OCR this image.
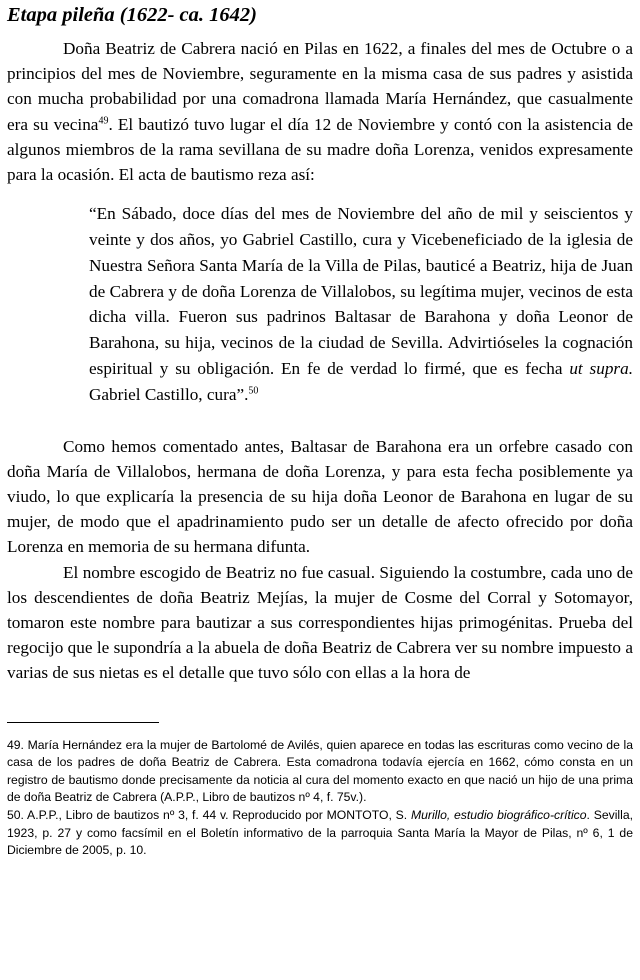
Etapa pileña (1622- ca. 1642)

Doña Beatriz de Cabrera nació en Pilas en 1622, a finales del mes de Octubre o a principios del mes de Noviembre, seguramente en la misma casa de sus padres y asistida con mucha probabilidad por una comadrona llamada María Hernández, que casualmente era su vecina$^{49}$. El bautizó tuvo lugar el día 12 de Noviembre y contó con la asistencia de algunos miembros de la rama sevillana de su madre doña Lorenza, venidos expresamente para la ocasión. El acta de bautismo reza así:

“En Sábado, doce días del mes de Noviembre del año de mil y seiscientos y veinte y dos años, yo Gabriel Castillo, cura y Vicebeneficiado de la iglesia de Nuestra Señora Santa María de la Villa de Pilas, bauticé a Beatriz, hija de Juan de Cabrera y de doña Lorenza de Villalobos, su legítima mujer, vecinos de esta dicha villa. Fueron sus padrinos Baltasar de Barahona y doña Leonor de Barahona, su hija, vecinos de la ciudad de Sevilla. Advirtióseles la cognación espiritual y su obligación. En fe de verdad lo firmé, que es fecha ut supra. Gabriel Castillo, cura”.$^{50}$

Como hemos comentado antes, Baltasar de Barahona era un orfebre casado con doña María de Villalobos, hermana de doña Lorenza, y para esta fecha posiblemente ya viudo, lo que explicaría la presencia de su hija doña Leonor de Barahona en lugar de su mujer, de modo que el apadrinamiento pudo ser un detalle de afecto ofrecido por doña Lorenza en memoria de su hermana difunta.

El nombre escogido de Beatriz no fue casual. Siguiendo la costumbre, cada uno de los descendientes de doña Beatriz Mejías, la mujer de Cosme del Corral y Sotomayor, tomaron este nombre para bautizar a sus correspondientes hijas primogénitas. Prueba del regocijo que le supondría a la abuela de doña Beatriz de Cabrera ver su nombre impuesto a varias de sus nietas es el detalle que tuvo sólo con ellas a la hora de

49. María Hernández era la mujer de Bartolomé de Avilés, quien aparece en todas las escrituras como vecino de la casa de los padres de doña Beatriz de Cabrera. Esta comadrona todavía ejercía en 1662, cómo consta en un registro de bautismo donde precisamente da noticia al cura del momento exacto en que nació un hijo de una prima de doña Beatriz de Cabrera (A.P.P., Libro de bautizos nº 4, f. 75v.).

50. A.P.P., Libro de bautizos nº 3, f. 44 v. Reproducido por MONTOTO, S. Murillo, estudio biográfico-crítico. Sevilla, 1923, p. 27 y como facsímil en el Boletín informativo de la parroquia Santa María la Mayor de Pilas, nº 6, 1 de Diciembre de 2005, p. 10.
